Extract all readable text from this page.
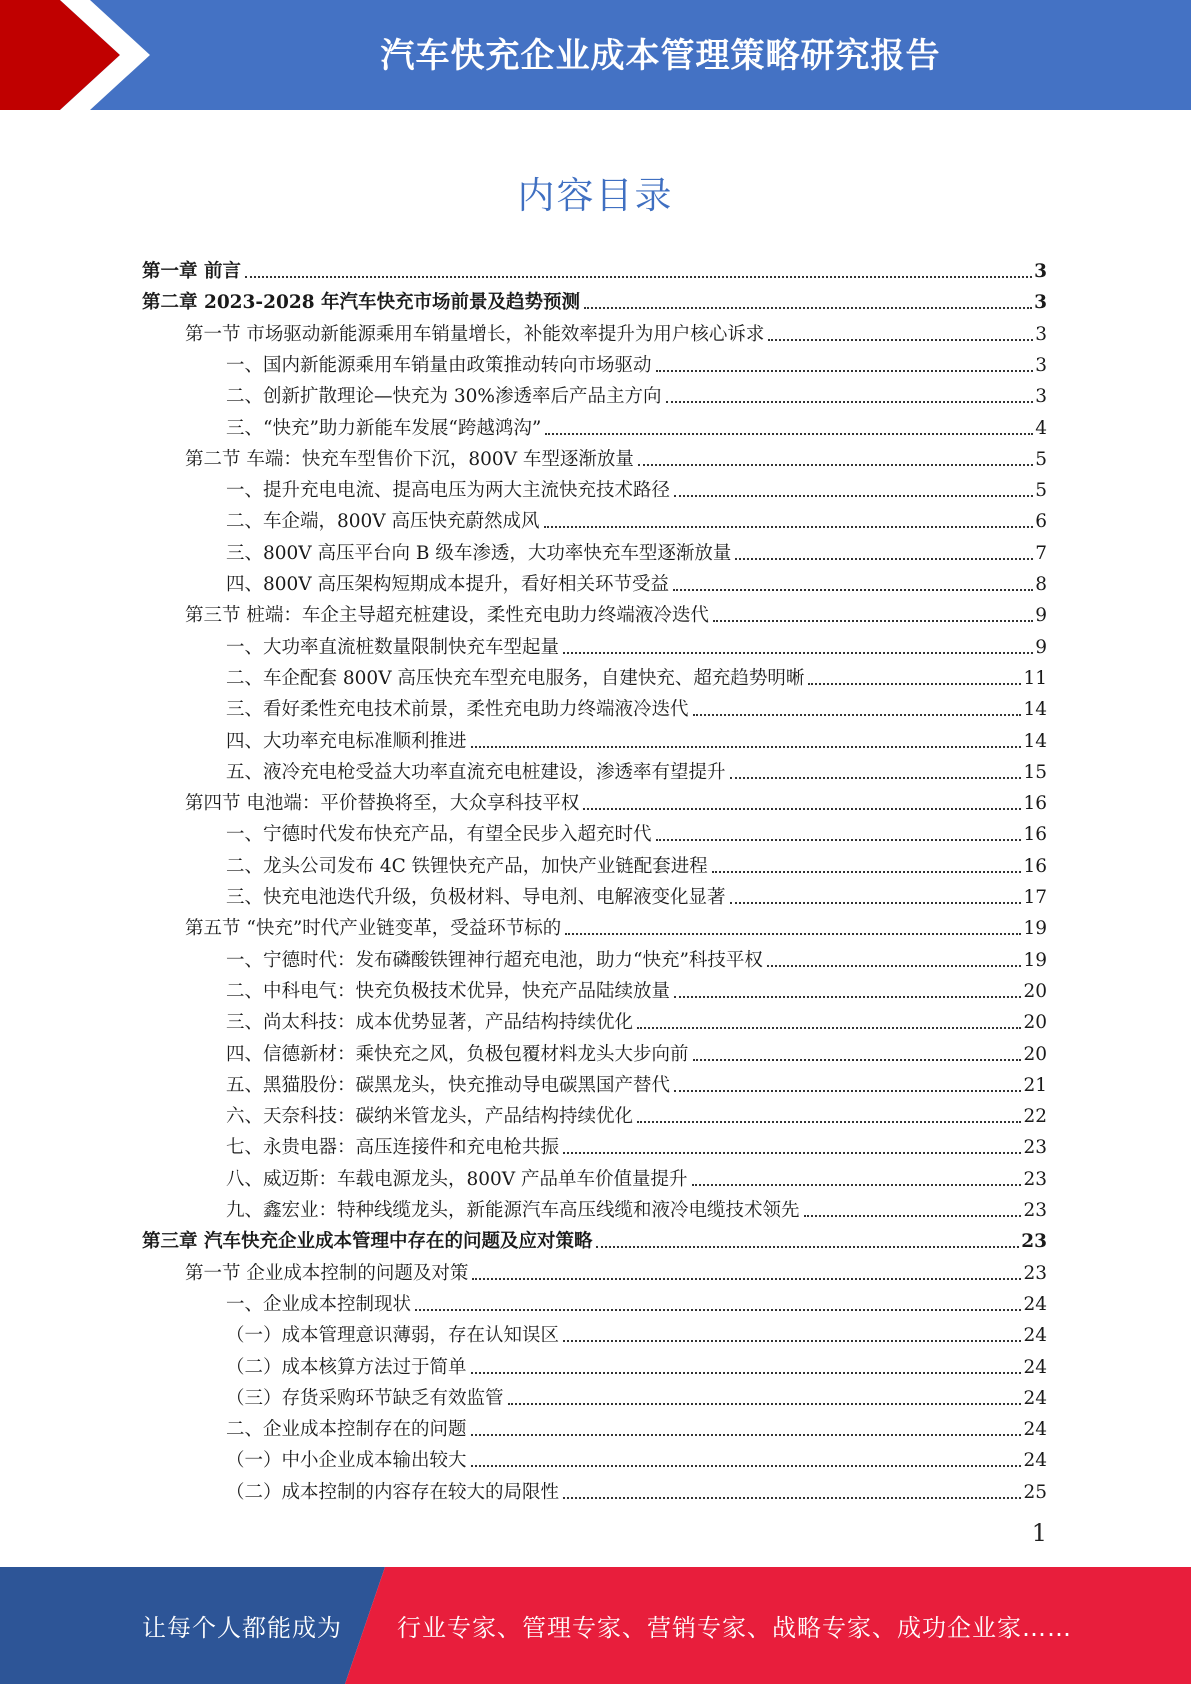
汽车快充企业成本管理策略研究报告
内容目录
第一章 前言	3
第二章 2023-2028 年汽车快充市场前景及趋势预测	3
第一节 市场驱动新能源乘用车销量增长，补能效率提升为用户核心诉求	3
一、国内新能源乘用车销量由政策推动转向市场驱动	3
二、创新扩散理论—快充为 30%渗透率后产品主方向	3
三、“快充”助力新能车发展“跨越鸿沟”	4
第二节 车端：快充车型售价下沉，800V 车型逐渐放量	5
一、提升充电电流、提高电压为两大主流快充技术路径	5
二、车企端，800V 高压快充蔚然成风	6
三、800V 高压平台向 B 级车渗透，大功率快充车型逐渐放量	7
四、800V 高压架构短期成本提升，看好相关环节受益	8
第三节 桩端：车企主导超充桩建设，柔性充电助力终端液冷迭代	9
一、大功率直流桩数量限制快充车型起量	9
二、车企配套 800V 高压快充车型充电服务，自建快充、超充趋势明晰	11
三、看好柔性充电技术前景，柔性充电助力终端液冷迭代	14
四、大功率充电标准顺利推进	14
五、液冷充电枪受益大功率直流充电桩建设，渗透率有望提升	15
第四节 电池端：平价替换将至，大众享科技平权	16
一、宁德时代发布快充产品，有望全民步入超充时代	16
二、龙头公司发布 4C 铁锂快充产品，加快产业链配套进程	16
三、快充电池迭代升级，负极材料、导电剂、电解液变化显著	17
第五节 “快充”时代产业链变革，受益环节标的	19
一、宁德时代：发布磷酸铁锂神行超充电池，助力“快充”科技平权	19
二、中科电气：快充负极技术优异，快充产品陆续放量	20
三、尚太科技：成本优势显著，产品结构持续优化	20
四、信德新材：乘快充之风，负极包覆材料龙头大步向前	20
五、黑猫股份：碳黑龙头，快充推动导电碳黑国产替代	21
六、天奈科技：碳纳米管龙头，产品结构持续优化	22
七、永贵电器：高压连接件和充电枪共振	23
八、威迈斯：车载电源龙头，800V 产品单车价值量提升	23
九、鑫宏业：特种线缆龙头，新能源汽车高压线缆和液冷电缆技术领先	23
第三章 汽车快充企业成本管理中存在的问题及应对策略	23
第一节 企业成本控制的问题及对策	23
一、企业成本控制现状	24
（一）成本管理意识薄弱，存在认知误区	24
（二）成本核算方法过于简单	24
（三）存货采购环节缺乏有效监管	24
二、企业成本控制存在的问题	24
（一）中小企业成本输出较大	24
（二）成本控制的内容存在较大的局限性	25
1
让每个人都能成为 行业专家、管理专家、营销专家、战略专家、成功企业家……
